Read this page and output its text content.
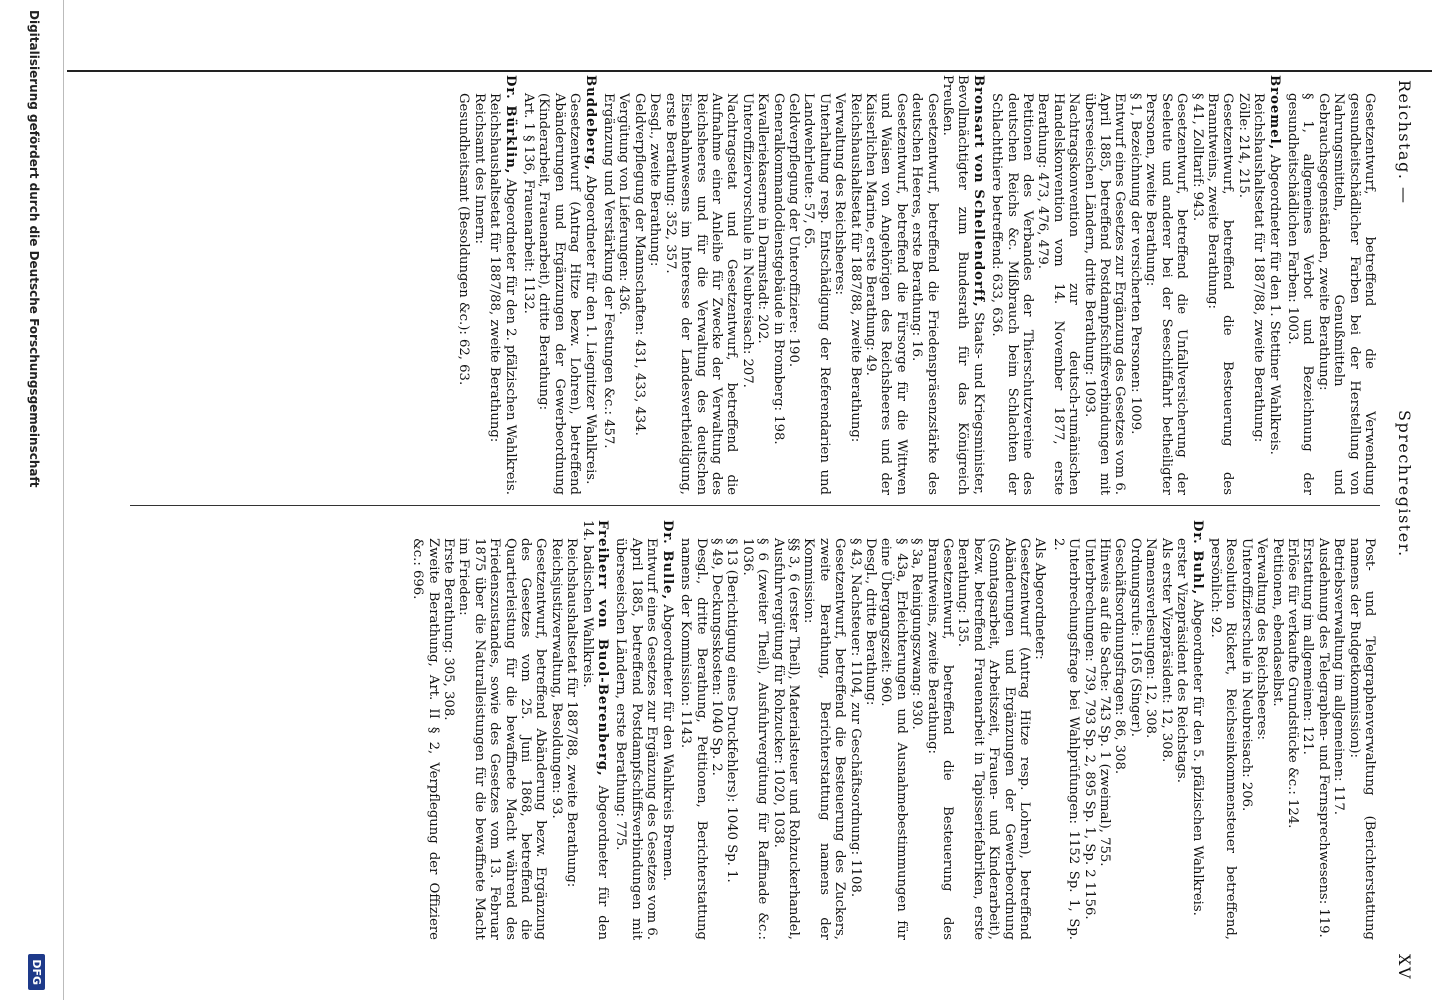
Reichstag. —
Sprechregister.
XV
Gesetzentwurf, betreffend die Verwendung gesundheitschädlicher Farben bei der Herstellung von Nahrungsmitteln, Genußmitteln und Gebrauchsgegenständen, zweite Berathung:
§ 1, allgemeines Verbot und Bezeichnung der gesundheitschädlichen Farben: 1003.
Broemel, Abgeordneter für den 1. Stettiner Wahlkreis.

Reichshaushaltsetat für 1887/88, zweite Berathung:
Zölle: 214, 215.
Gesetzentwurf, betreffend die Besteuerung des Branntweins, zweite Berathung:
§ 41, Zolltarif: 943.
Gesetzentwurf, betreffend die Unfallversicherung der Seeleute und anderer bei der Seeschiffahrt betheiligter Personen, zweite Berathung:
§ 1, Bezeichnung der versicherten Personen: 1009.
Entwurf eines Gesetzes zur Ergänzung des Gesetzes vom 6. April 1885, betreffend Postdampfschiffsverbindungen mit überseeischen Ländern, dritte Berathung: 1093.
Nachtragskonvention zur deutsch-rumänischen Handelskonvention vom 14. November 1877, erste Berathung: 473, 476, 479.
Petitionen des Verbandes der Thierschutzvereine des deutschen Reichs &c. Mißbrauch beim Schlachten der Schlachtthiere betreffend: 633, 636.
Bronsart von Schellendorff, Staats- und Kriegsminister, Bevollmächtigter zum Bundesrath für das Königreich Preußen.

Gesetzentwurf, betreffend die Friedenspräsenzstärke des deutschen Heeres, erste Berathung: 16.
Gesetzentwurf, betreffend die Fürsorge für die Wittwen und Waisen von Angehörigen des Reichsheeres und der Kaiserlichen Marine, erste Berathung: 49.
Reichshaushaltsetat für 1887/88, zweite Berathung:
Verwaltung des Reichsheeres:
Unterhaltung resp. Entschädigung der Referendarien und Landwehrleute: 57, 65.
Geldverpflegung der Unteroffiziere: 190.
Generalkommandodienstgebäude in Bromberg: 198.
Kavalleriekaserne in Darmstadt: 202.
Unteroffiziervorschule in Neubreisach: 207.
Nachtragsetat und Gesetzentwurf, betreffend die Aufnahme einer Anleihe für Zwecke der Verwaltung des Reichsheeres und für die Verwaltung des deutschen Eisenbahnwesens im Interesse der Landesvertheidigung, erste Berathung: 352, 357.
Desgl., zweite Berathung:
Geldverpflegung der Mannschaften: 431, 433, 434.
Vergütung von Lieferungen: 436.
Ergänzung und Verstärkung der Festungen &c.: 457.
Buddeberg, Abgeordneter für den 1. Liegnitzer Wahlkreis.

Gesetzentwurf (Antrag Hitze bezw. Lohren), betreffend Abänderungen und Ergänzungen der Gewerbeordnung (Kinderarbeit, Frauenarbeit), dritte Berathung:
Art. 1 § 136, Frauenarbeit: 1132.
Dr. Bürklin, Abgeordneter für den 2. pfälzischen Wahlkreis.

Reichshaushaltsetat für 1887/88, zweite Berathung:
Reichsamt des Innern:
Gesundheitsamt (Besoldungen &c.): 62, 63.
Post- und Telegraphenverwaltung (Berichterstattung namens der Budgetkommission):
Betriebsverwaltung im allgemeinen: 117.
Ausdehnung des Telegraphen- und Fernsprechwesens: 119.
Erstattung im allgemeinen: 121.
Erlöse für verkaufte Grundstücke &c.: 124.
Petitionen, ebendaselbst.
Verwaltung des Reichsheeres:
Unteroffizierschule in Neubreisach: 206.
Resolution Rickert, Reichseinkommensteuer betreffend, persönlich: 92.
Dr. Buhl, Abgeordneter für den 5. pfälzischen Wahlkreis.

erster Vizepräsident des Reichstags.
Als erster Vizepräsident: 12, 308.
Namensverlesungen: 12, 308.
Ordnungsrufe: 1165 (Singer).
Geschäftsordnungsfragen: 86, 308.
Hinweis auf die Sache: 743 Sp. 1 (zweimal), 755.
Unterbrechungen: 739, 793 Sp. 2, 895 Sp. 1, Sp. 2 1156.
Unterbrechungsfrage bei Wahlprüfungen: 1152 Sp. 1, Sp. 2.
Als Abgeordneter:
Gesetzentwurf (Antrag Hitze resp. Lohren), betreffend Abänderungen und Ergänzungen der Gewerbeordnung (Sonntagsarbeit, Arbeitszeit, Frauen- und Kinderarbeit), bezw. betreffend Frauenarbeit in Tapisseriefabriken, erste Berathung: 135.
Gesetzentwurf, betreffend die Besteuerung des Branntweins, zweite Berathung:
§ 3a, Reinigungszwang: 930.
§ 43a, Erleichterungen und Ausnahmebestimmungen für eine Übergangszeit: 960.
Desgl., dritte Berathung:
§ 43, Nachsteuer: 1104, zur Geschäftsordnung: 1108.
Gesetzentwurf, betreffend die Besteuerung des Zuckers, zweite Berathung, Berichterstattung namens der Kommission:
§§ 3, 6 (erster Theil), Materialsteuer und Rohzuckerhandel, Ausfuhrvergütung für Rohzucker: 1020, 1038.
§ 6 (zweiter Theil), Ausfuhrvergütung für Raffinade &c.: 1036.
§ 13 (Berichtigung eines Druckfehlers): 1040 Sp. 1.
§ 49, Deckungsskosten: 1040 Sp. 2.
Desgl., dritte Berathung, Petitionen, Berichterstattung namens der Kommission: 1143.
Dr. Bulle, Abgeordneter für den Wahlkreis Bremen.

Entwurf eines Gesetzes zur Ergänzung des Gesetzes vom 6. April 1885, betreffend Postdampfschiffsverbindungen mit überseeischen Ländern, erste Berathung: 775.
Freiherr von Buol-Berenberg, Abgeordneter für den 14. badischen Wahlkreis.

Reichshaushaltsetat für 1887/88, zweite Berathung:
Reichsjustizverwaltung, Besoldungen: 93.
Gesetzentwurf, betreffend Abänderung bezw. Ergänzung des Gesetzes vom 25. Juni 1868, betreffend die Quartierleistung für die bewaffnete Macht während des Friedenszustandes, sowie des Gesetzes vom 13. Februar 1875 über die Naturalleistungen für die bewaffnete Macht im Frieden:
Erste Berathung: 305, 308.
Zweite Berathung, Art. II § 2, Verpflegung der Offiziere &c.: 696.
Digitalisierung gefördert durch die Deutsche Forschungsgemeinschaft
DFG
